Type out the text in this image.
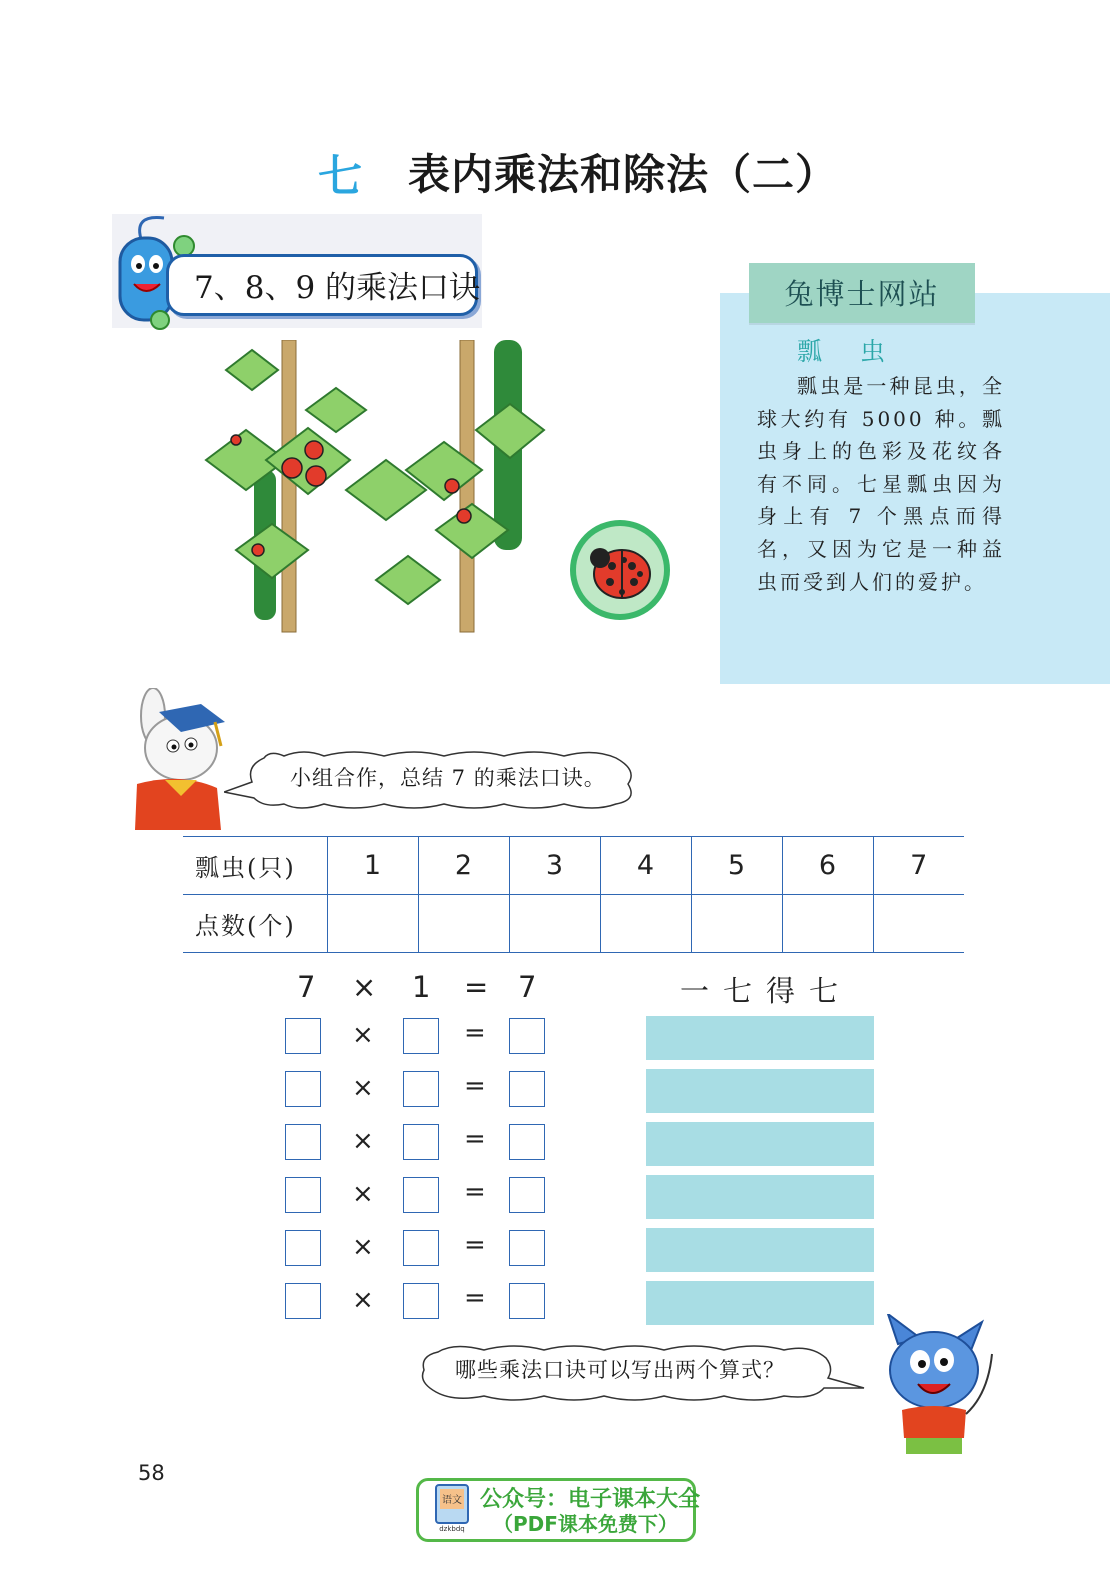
七 表内乘法和除法（二）
7、8、9 的乘法口诀	兔博士网站
瓢虫
瓢虫是一种昆虫，全球大约有 5000 种。瓢虫身上的色彩及花纹各有不同。七星瓢虫因为身上有 7 个黑点而得名，又因为它是一种益虫而受到人们的爱护。
小组合作，总结 7 的乘法口诀。
瓢虫(只)	1	2	3	4	5	6	7
点数(个)							
7 × 1 = 7	一七得七
×	=
×	=
×	=
×	=
×	=
×	=
哪些乘法口诀可以写出两个算式？
58
语文
dzkbdq
公众号：电子课本大全
（PDF课本免费下）
